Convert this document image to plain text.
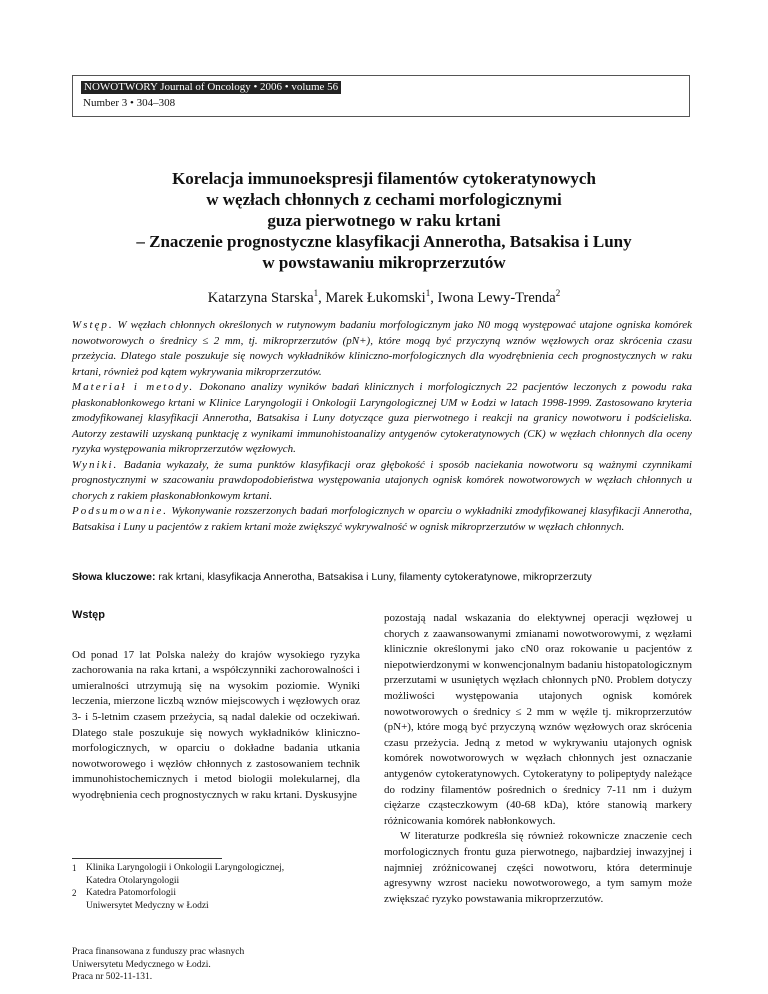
NOWOTWORY Journal of Oncology • 2006 • volume 56
Number 3 • 304–308
Korelacja immunoekspresji filamentów cytokeratynowych
w węzłach chłonnych z cechami morfologicznymi
guza pierwotnego w raku krtani
– Znaczenie prognostyczne klasyfikacji Annerotha, Batsakisa i Luny
w powstawaniu mikroprzerzutów
Katarzyna Starska$^1$, Marek Łukomski$^1$, Iwona Lewy-Trenda$^2$

Wstęp. W węzłach chłonnych określonych w rutynowym badaniu morfologicznym jako N0 mogą występować utajone ogniska komórek nowotworowych o średnicy ≤ 2 mm, tj. mikroprzerzutów (pN+), które mogą być przyczyną wznów węzłowych oraz skrócenia czasu przeżycia. Dlatego stale poszukuje się nowych wykładników kliniczno-morfologicznych dla wyodrębnienia cech prognostycznych w raku krtani, również pod kątem wykrywania mikroprzerzutów.

Materiał i metody. Dokonano analizy wyników badań klinicznych i morfologicznych 22 pacjentów leczonych z powodu raka płaskonabłonkowego krtani w Klinice Laryngologii i Onkologii Laryngologicznej UM w Łodzi w latach 1998-1999. Zastosowano kryteria zmodyfikowanej klasyfikacji Annerotha, Batsakisa i Luny dotyczące guza pierwotnego i reakcji na granicy nowotworu i podścieliska. Autorzy zestawili uzyskaną punktację z wynikami immunohistoanalizy antygenów cytokeratynowych (CK) w węzłach chłonnych dla oceny ryzyka występowania mikroprzerzutów węzłowych.

Wyniki. Badania wykazały, że suma punktów klasyfikacji oraz głębokość i sposób naciekania nowotworu są ważnymi czynnikami prognostycznymi w szacowaniu prawdopodobieństwa występowania utajonych ognisk komórek nowotworowych w węzłach chłonnych u chorych z rakiem płaskonabłonkowym krtani.

Podsumowanie. Wykonywanie rozszerzonych badań morfologicznych w oparciu o wykładniki zmodyfikowanej klasyfikacji Annerotha, Batsakisa i Luny u pacjentów z rakiem krtani może zwiększyć wykrywalność w ognisk mikroprzerzutów w węzłach chłonnych.

Słowa kluczowe: rak krtani, klasyfikacja Annerotha, Batsakisa i Luny, filamenty cytokeratynowe, mikroprzerzuty
Wstęp

Od ponad 17 lat Polska należy do krajów wysokiego ryzyka zachorowania na raka krtani, a współczynniki zachorowalności i umieralności utrzymują się na wysokim poziomie. Wyniki leczenia, mierzone liczbą wznów miejscowych i węzłowych oraz 3- i 5-letnim czasem przeżycia, są nadal dalekie od oczekiwań. Dlatego stale poszukuje się nowych wykładników kliniczno-morfologicznych, w oparciu o dokładne badania utkania nowotworowego i węzłów chłonnych z zastosowaniem technik immunohistochemicznych i metod biologii molekularnej, dla wyodrębnienia cech prognostycznych w raku krtani. Dyskusyjne

1 Klinika Laryngologii i Onkologii Laryngologicznej,
Katedra Otolaryngologii
2 Katedra Patomorfologii
Uniwersytet Medyczny w Łodzi
Praca finansowana z funduszy prac własnych
Uniwersytetu Medycznego w Łodzi.
Praca nr 502-11-131.

pozostają nadal wskazania do elektywnej operacji węzłowej u chorych z zaawansowanymi zmianami nowotworowymi, z węzłami klinicznie określonymi jako cN0 oraz rokowanie u pacjentów z niepotwierdzonymi w konwencjonalnym badaniu histopatologicznym przerzutami w usuniętych węzłach chłonnych pN0. Problem dotyczy możliwości występowania utajonych ognisk komórek nowotworowych o średnicy ≤ 2 mm w węźle tj. mikroprzerzutów (pN+), które mogą być przyczyną wznów węzłowych oraz skrócenia czasu przeżycia. Jedną z metod w wykrywaniu utajonych ognisk komórek nowotworowych w węzłach chłonnych jest oznaczanie antygenów cytokeratynowych. Cytokeratyny to polipeptydy należące do rodziny filamentów pośrednich o średnicy 7-11 nm i dużym ciężarze cząsteczkowym (40-68 kDa), które stanowią markery różnicowania komórek nabłonkowych.

W literaturze podkreśla się również rokownicze znaczenie cech morfologicznych frontu guza pierwotnego, najbardziej inwazyjnej i najmniej zróżnicowanej części nowotworu, która determinuje agresywny wzrost nacieku nowotworowego, a tym samym może zwiększać ryzyko powstawania mikroprzerzutów.
